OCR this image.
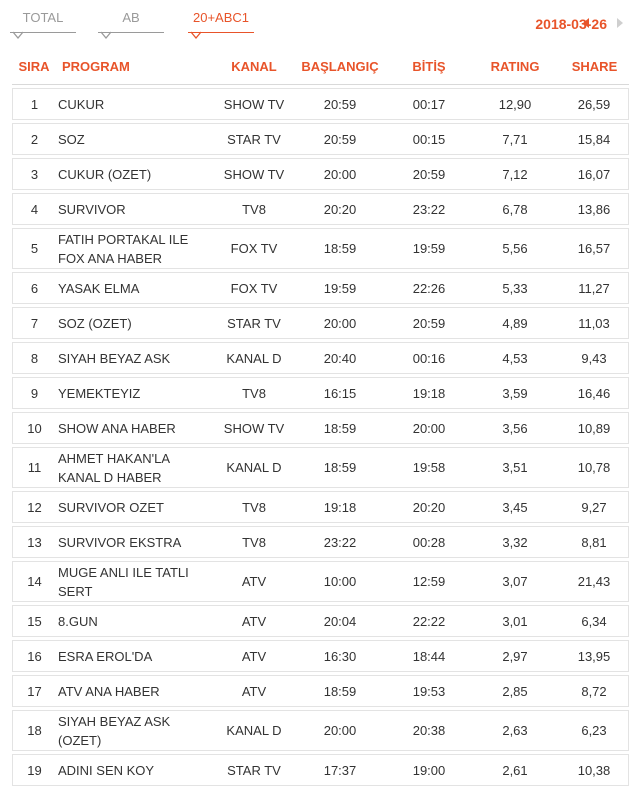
TOTAL	AB	20+ABC1	2018-03-26
SIRA	PROGRAM	KANAL	BAŞLANGIÇ	BİTİŞ	RATING	SHARE

1	CUKUR	SHOW TV	20:59	00:17	12,90	26,59

2	SOZ	STAR TV	20:59	00:15	7,71	15,84

3	CUKUR (OZET)	SHOW TV	20:00	20:59	7,12	16,07

4	SURVIVOR	TV8	20:20	23:22	6,78	13,86

5	FATIH PORTAKAL ILE FOX ANA HABER	FOX TV	18:59	19:59	5,56	16,57

6	YASAK ELMA	FOX TV	19:59	22:26	5,33	11,27

7	SOZ (OZET)	STAR TV	20:00	20:59	4,89	11,03

8	SIYAH BEYAZ ASK	KANAL D	20:40	00:16	4,53	9,43

9	YEMEKTEYIZ	TV8	16:15	19:18	3,59	16,46

10	SHOW ANA HABER	SHOW TV	18:59	20:00	3,56	10,89

11	AHMET HAKAN'LA KANAL D HABER	KANAL D	18:59	19:58	3,51	10,78

12	SURVIVOR OZET	TV8	19:18	20:20	3,45	9,27

13	SURVIVOR EKSTRA	TV8	23:22	00:28	3,32	8,81

14	MUGE ANLI ILE TATLI SERT	ATV	10:00	12:59	3,07	21,43

15	8.GUN	ATV	20:04	22:22	3,01	6,34

16	ESRA EROL'DA	ATV	16:30	18:44	2,97	13,95

17	ATV ANA HABER	ATV	18:59	19:53	2,85	8,72

18	SIYAH BEYAZ ASK (OZET)	KANAL D	20:00	20:38	2,63	6,23

19	ADINI SEN KOY	STAR TV	17:37	19:00	2,61	10,38
